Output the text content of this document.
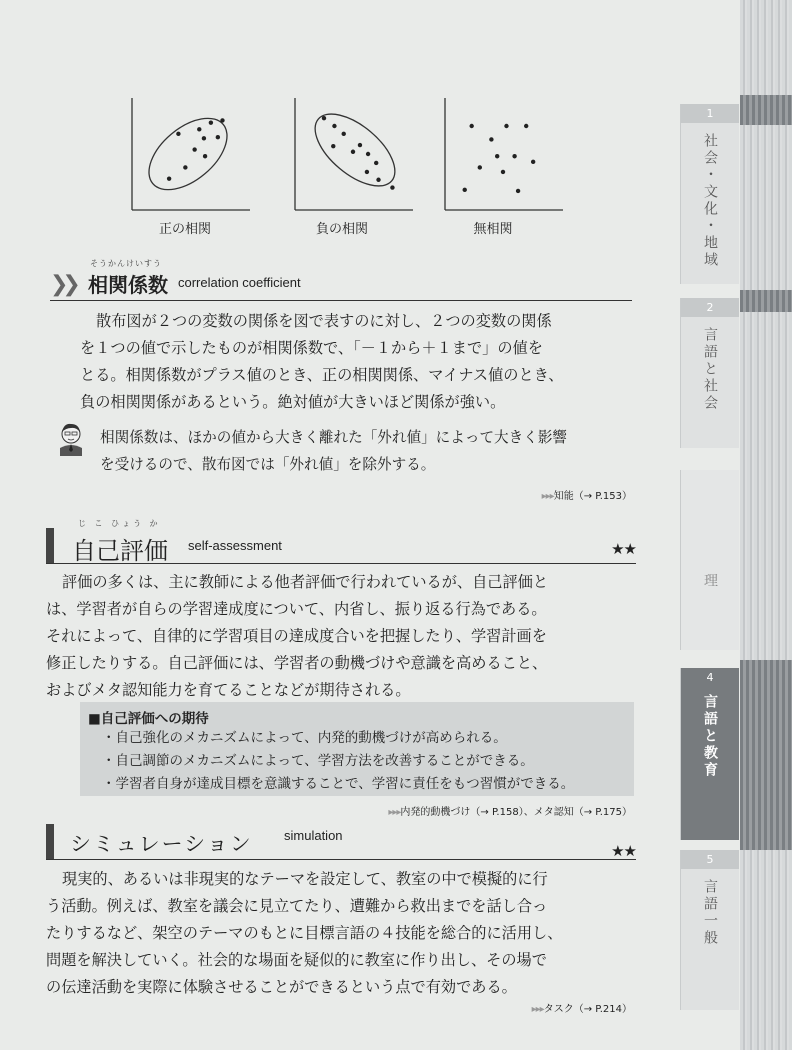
正の相関	負の相関	無相関
❯❯
そうかんけいすう
相関係数 correlation coefficient
散布図が２つの変数の関係を図で表すのに対し、２つの変数の関係
を１つの値で示したものが相関係数で、「－１から＋１まで」の値を
とる。相関係数がプラス値のとき、正の相関関係、マイナス値のとき、
負の相関関係があるという。絶対値が大きいほど関係が強い。
相関係数は、ほかの値から大きく離れた「外れ値」によって大きく影響
を受けるので、散布図では「外れ値」を除外する。
▸▸▸知能（→ P.153）
じ こ ひょう か
自己評価 self-assessment	★★
評価の多くは、主に教師による他者評価で行われているが、自己評価と
は、学習者が自らの学習達成度について、内省し、振り返る行為である。
それによって、自律的に学習項目の達成度合いを把握したり、学習計画を
修正したりする。自己評価には、学習者の動機づけや意識を高めること、
およびメタ認知能力を育てることなどが期待される。
■自己評価への期待
・自己強化のメカニズムによって、内発的動機づけが高められる。
・自己調節のメカニズムによって、学習方法を改善することができる。
・学習者自身が達成目標を意識することで、学習に責任をもつ習慣ができる。
▸▸▸内発的動機づけ（→ P.158）、メタ認知（→ P.175）
シミュレーション simulation
★★
現実的、あるいは非現実的なテーマを設定して、教室の中で模擬的に行
う活動。例えば、教室を議会に見立てたり、遭難から救出までを話し合っ
たりするなど、架空のテーマのもとに目標言語の４技能を総合的に活用し、
問題を解決していく。社会的な場面を疑似的に教室に作り出し、その場で
の伝達活動を実際に体験させることができるという点で有効である。
▸▸▸タスク（→ P.214）
1
社会・文化・地域
2
言語と社会
理
4
言語と教育
5
言語一般
